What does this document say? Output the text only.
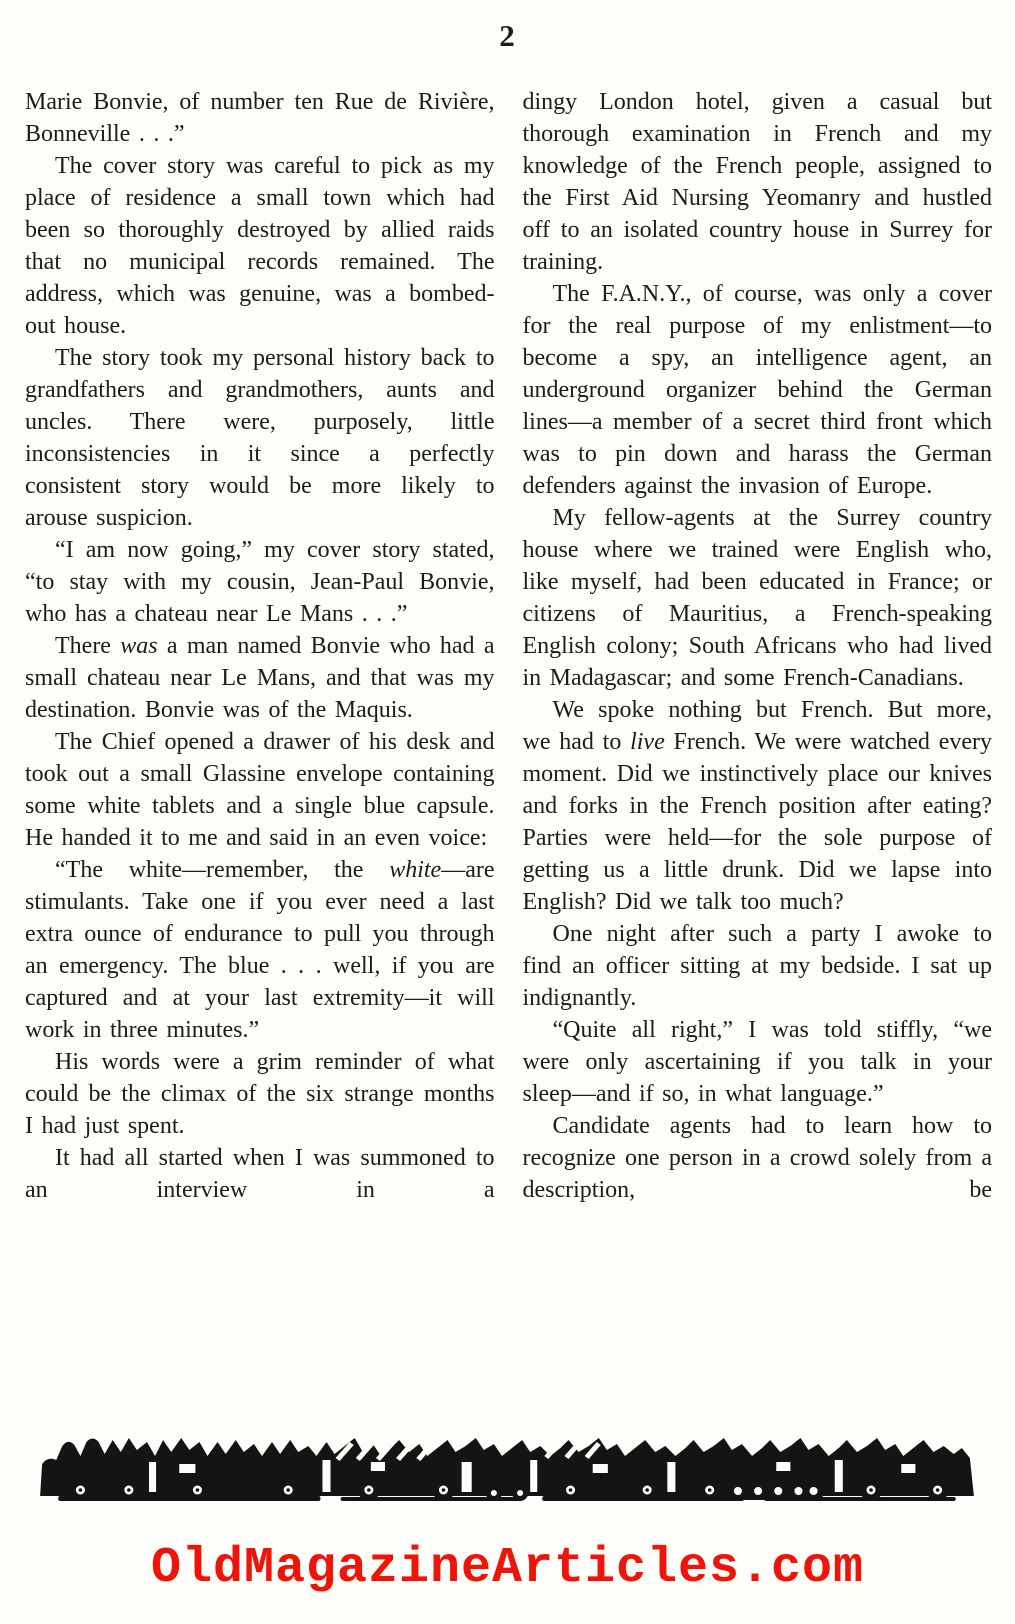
2

Marie Bonvie, of number ten Rue de Rivière, Bonneville . . .”

The cover story was careful to pick as my place of residence a small town which had been so thoroughly destroyed by allied raids that no municipal records remained. The address, which was genuine, was a bombed-out house.

The story took my personal history back to grandfathers and grandmothers, aunts and uncles. There were, purposely, little inconsistencies in it since a perfectly consistent story would be more likely to arouse suspicion.

“I am now going,” my cover story stated, “to stay with my cousin, Jean-Paul Bonvie, who has a chateau near Le Mans . . .”

There was a man named Bonvie who had a small chateau near Le Mans, and that was my destination. Bonvie was of the Maquis.

The Chief opened a drawer of his desk and took out a small Glassine envelope containing some white tablets and a single blue capsule. He handed it to me and said in an even voice:

“The white—remember, the white—are stimulants. Take one if you ever need a last extra ounce of endurance to pull you through an emergency. The blue . . . well, if you are captured and at your last extremity—it will work in three minutes.”

His words were a grim reminder of what could be the climax of the six strange months I had just spent.

It had all started when I was summoned to an interview in a

dingy London hotel, given a casual but thorough examination in French and my knowledge of the French people, assigned to the First Aid Nursing Yeomanry and hustled off to an isolated country house in Surrey for training.

The F.A.N.Y., of course, was only a cover for the real purpose of my enlistment—to become a spy, an intelligence agent, an underground organizer behind the German lines—a member of a secret third front which was to pin down and harass the German defenders against the invasion of Europe.

My fellow-agents at the Surrey country house where we trained were English who, like myself, had been educated in France; or citizens of Mauritius, a French-speaking English colony; South Africans who had lived in Madagascar; and some French-Canadians.

We spoke nothing but French. But more, we had to live French. We were watched every moment. Did we instinctively place our knives and forks in the French position after eating? Parties were held—for the sole purpose of getting us a little drunk. Did we lapse into English? Did we talk too much?

One night after such a party I awoke to find an officer sitting at my bedside. I sat up indignantly.

“Quite all right,” I was told stiffly, “we were only ascertaining if you talk in your sleep—and if so, in what language.”

Candidate agents had to learn how to recognize one person in a crowd solely from a description, be

OldMagazineArticles.com
